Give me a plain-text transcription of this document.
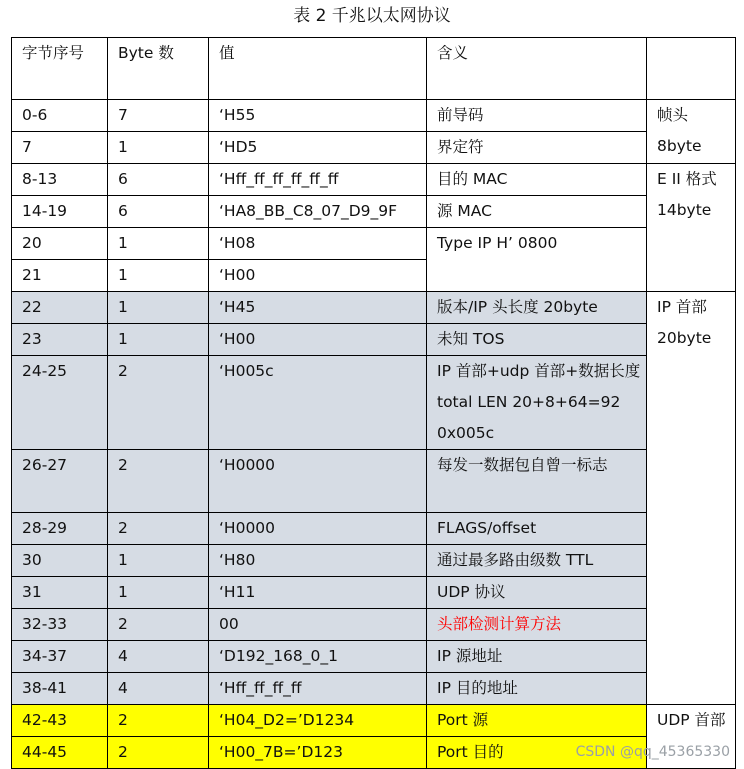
表 2 千兆以太网协议
字节序号	Byte 数	值	含义	
0-6	7	‘H55	前导码	帧头 8byte
7	1	‘HD5	界定符	
8-13	6	‘Hff_ff_ff_ff_ff_ff	目的 MAC	E II 格式 14byte
14-19	6	‘HA8_BB_C8_07_D9_9F	源 MAC	
20	1	‘H08	Type IP H’ 0800	
21	1	‘H00		
22	1	‘H45	版本/IP 头长度 20byte	IP 首部 20byte
23	1	‘H00	未知 TOS	
24-25	2	‘H005c	IP 首部+udp 首部+数据长度 total LEN 20+8+64=92　0x005c	
26-27	2	‘H0000	每发一数据包自曾一标志	
28-29	2	‘H0000	FLAGS/offset	
30	1	‘H80	通过最多路由级数 TTL	
31	1	‘H11	UDP 协议	
32-33	2	00	头部检测计算方法	
34-37	4	‘D192_168_0_1	IP 源地址	
38-41	4	‘Hff_ff_ff_ff	IP 目的地址	
42-43	2	‘H04_D2=’D1234	Port 源	UDP 首部
44-45	2	‘H00_7B=’D123	Port 目的		CSDN @qq_45365330
